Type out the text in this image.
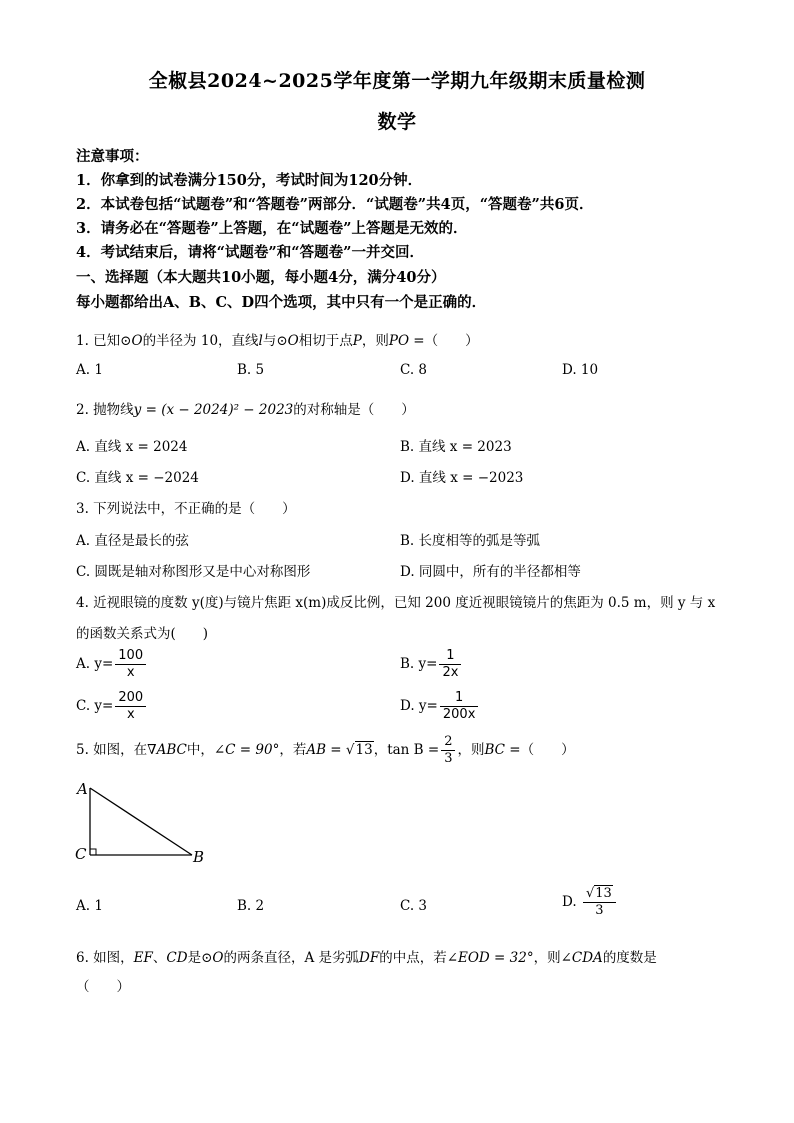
全椒县2024~2025学年度第一学期九年级期末质量检测
数学
注意事项：
1．你拿到的试卷满分150分，考试时间为120分钟．
2．本试卷包括“试题卷”和“答题卷”两部分．“试题卷”共4页，“答题卷”共6页．
3．请务必在“答题卷”上答题，在“试题卷”上答题是无效的．
4．考试结束后，请将“试题卷”和“答题卷”一并交回．
一、选择题（本大题共10小题，每小题4分，满分40分）
每小题都给出A、B、C、D四个选项，其中只有一个是正确的．
1. 已知⊙O的半径为 10，直线l与⊙O相切于点P，则PO =（　　）
A. 1	B. 5	C. 8	D. 10
2. 抛物线y = (x − 2024)² − 2023的对称轴是（　　）
A. 直线 x = 2024	B. 直线 x = 2023
C. 直线 x = −2024	D. 直线 x = −2023
3. 下列说法中，不正确的是（　　）
A. 直径是最长的弦	B. 长度相等的弧是等弧
C. 圆既是轴对称图形又是中心对称图形	D. 同圆中，所有的半径都相等
4. 近视眼镜的度数 y(度)与镜片焦距 x(m)成反比例，已知 200 度近视眼镜镜片的焦距为 0.5 m，则 y 与 x
的函数关系式为(　　)
A. $y= \frac{100}{x}$	B. $y= \frac{1}{2x}$
C. $y= \frac{200}{x}$	D. $y= \frac{1}{200x}$
5. 如图，在∇ABC中，∠C = 90°，若AB = √13，$\tan B = \frac{2}{3}$ ，则BC =（　　）
A
C	B
A. 1	B. 2	C. 3	D. $\frac{√13}{3}$
6. 如图，EF、CD是⊙O的两条直径，A 是劣弧DF的中点，若∠EOD = 32°，则∠CDA的度数是
（　　）
